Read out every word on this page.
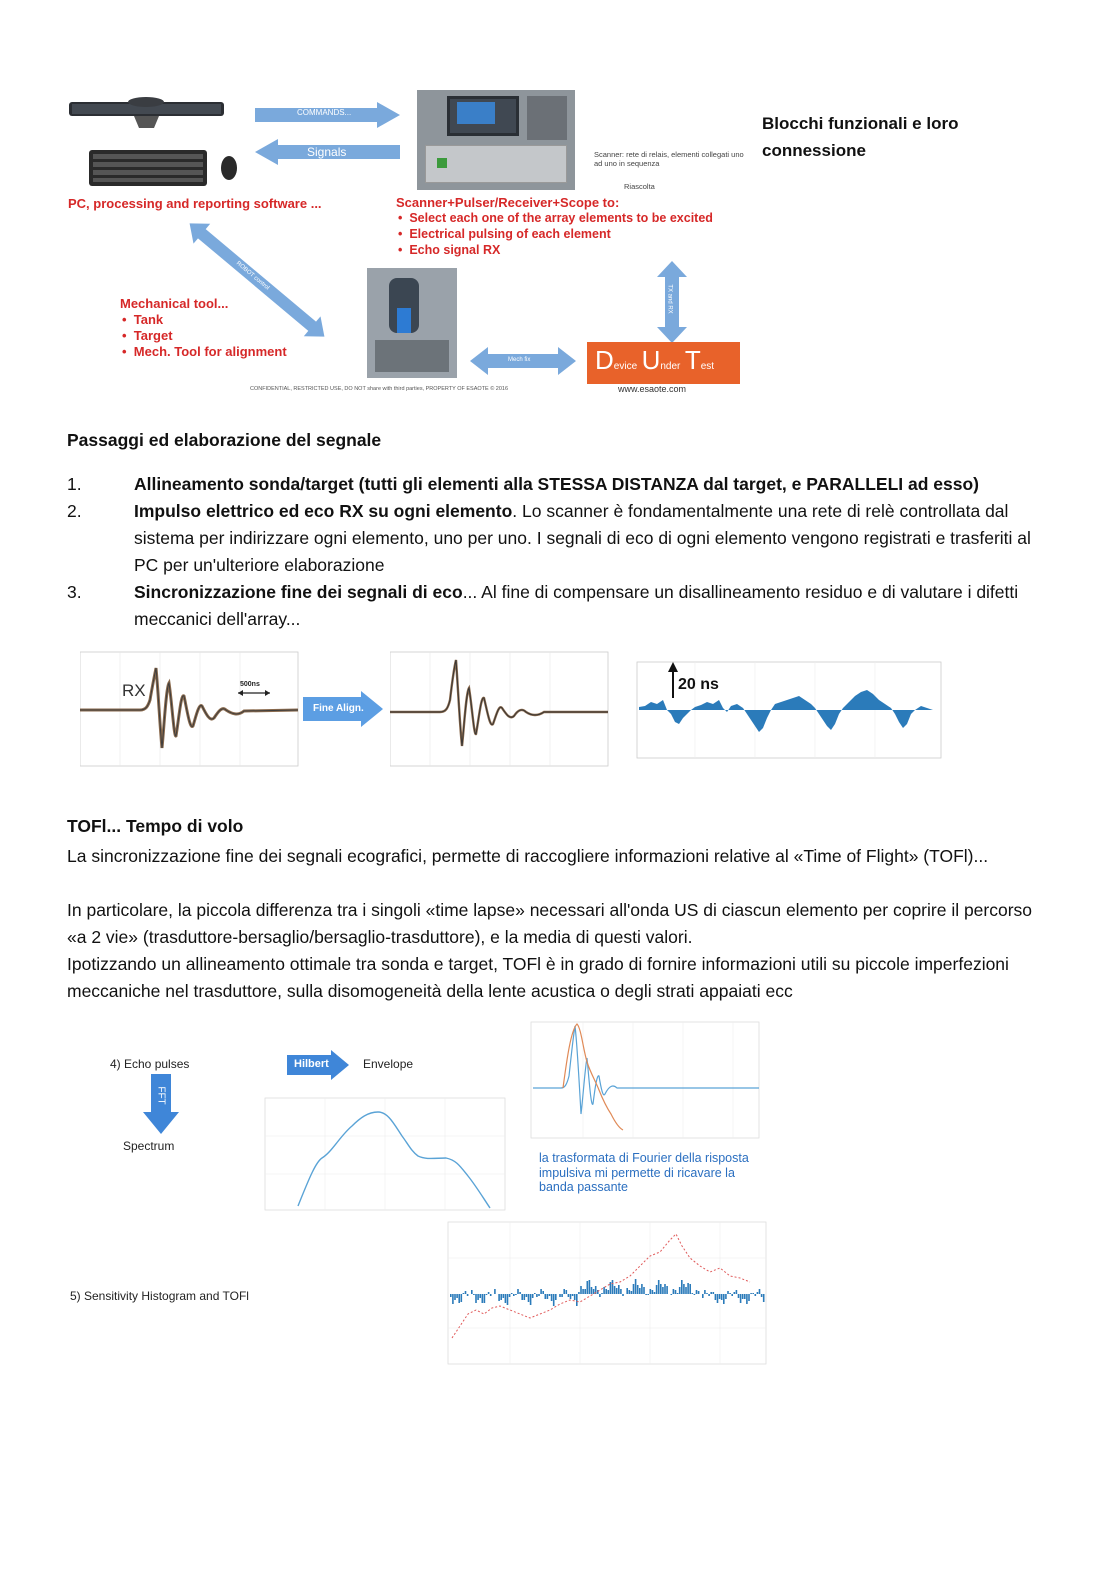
PC, processing and reporting software ...
COMMANDS...
Signals	Scanner: rete di relais, elementi collegati uno ad uno in sequenza
Riascolta
Scanner+Pulser/Receiver+Scope to:
•  Select each one of the array elements to be excited
•  Electrical pulsing of each element
•  Echo signal RX
ROBOT control
Mechanical tool...
•  Tank
•  Target
•  Mech. Tool for alignment
Mech fix
TX and RX
Device Under Test
www.esaote.com
CONFIDENTIAL, RESTRICTED USE, DO NOT share with third parties, PROPERTY OF ESAOTE © 2016
Blocchi funzionali e loro connessione
Passaggi ed elaborazione del segnale
1.	Allineamento sonda/target (tutti gli elementi alla STESSA DISTANZA dal target, e PARALLELI ad esso)
2.	Impulso elettrico ed eco RX su ogni elemento. Lo scanner è fondamentalmente una rete di relè controllata dal sistema per indirizzare ogni elemento, uno per uno. I segnali di eco di ogni elemento vengono registrati e trasferiti al PC per un'ulteriore elaborazione
3.	Sincronizzazione fine dei segnali di eco... Al fine di compensare un disallineamento residuo e di valutare i difetti meccanici dell'array...
RX	500ns
Fine Align.
20 ns
TOFl... Tempo di volo
La sincronizzazione fine dei segnali ecografici, permette di raccogliere informazioni relative al «Time of Flight» (TOFl)...
In particolare, la piccola differenza tra i singoli «time lapse» necessari all'onda US di ciascun elemento per coprire il percorso «a 2 vie» (trasduttore-bersaglio/bersaglio-trasduttore), e la media di questi valori.
Ipotizzando un allineamento ottimale tra sonda e target, TOFl è in grado di fornire informazioni utili su piccole imperfezioni meccaniche nel trasduttore, sulla disomogeneità della lente acustica o degli strati appaiati ecc
4) Echo pulses
FFT
Spectrum
Hilbert	Envelope
la trasformata di Fourier della risposta impulsiva mi permette di ricavare la banda passante
5) Sensitivity Histogram and TOFl
